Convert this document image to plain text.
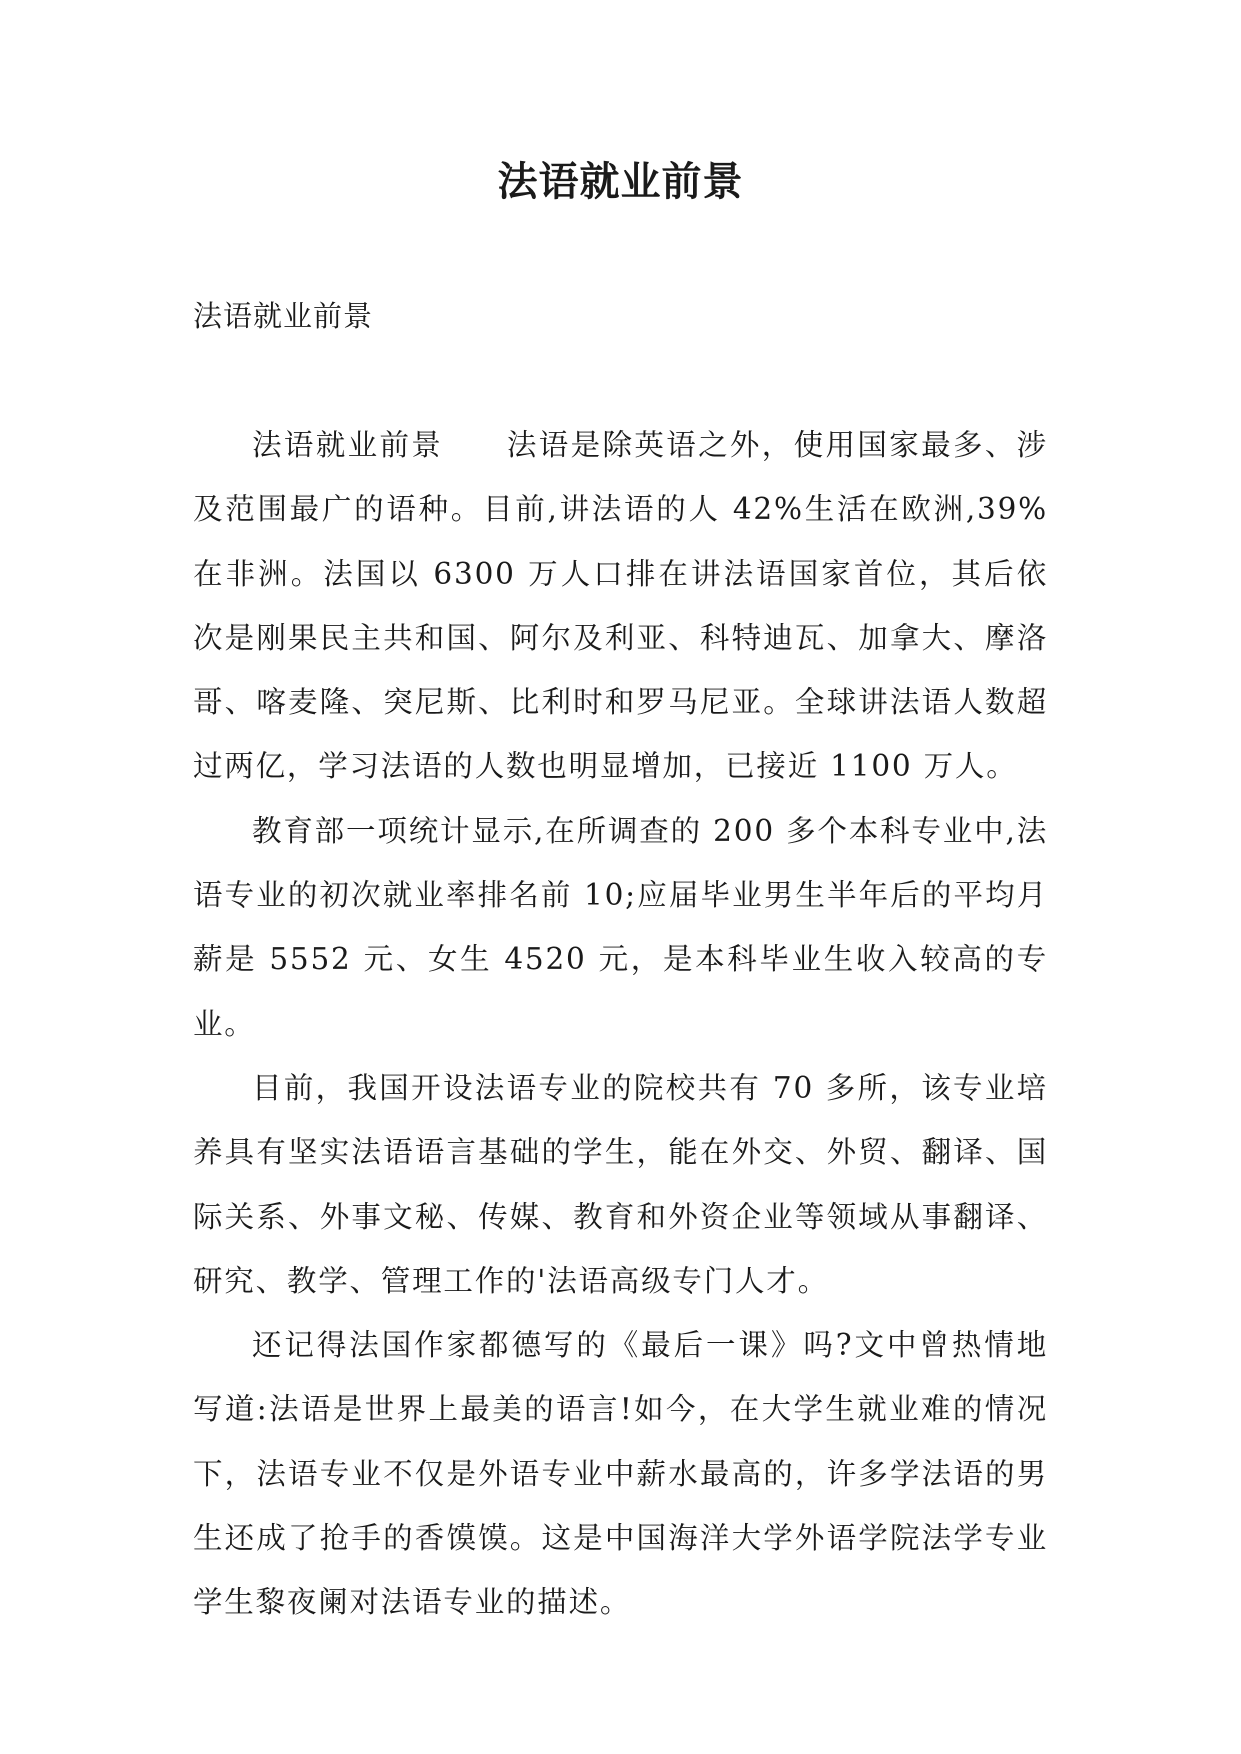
法语就业前景

法语就业前景

法语就业前景　　法语是除英语之外，使用国家最多、涉及范围最广的语种。目前,讲法语的人 42%生活在欧洲,39%在非洲。法国以 6300 万人口排在讲法语国家首位，其后依次是刚果民主共和国、阿尔及利亚、科特迪瓦、加拿大、摩洛哥、喀麦隆、突尼斯、比利时和罗马尼亚。全球讲法语人数超过两亿，学习法语的人数也明显增加，已接近 1100 万人。

教育部一项统计显示,在所调查的 200 多个本科专业中,法语专业的初次就业率排名前 10;应届毕业男生半年后的平均月薪是 5552 元、女生 4520 元，是本科毕业生收入较高的专业。

目前，我国开设法语专业的院校共有 70 多所，该专业培养具有坚实法语语言基础的学生，能在外交、外贸、翻译、国际关系、外事文秘、传媒、教育和外资企业等领域从事翻译、研究、教学、管理工作的'法语高级专门人才。

还记得法国作家都德写的《最后一课》吗?文中曾热情地写道:法语是世界上最美的语言!如今，在大学生就业难的情况下，法语专业不仅是外语专业中薪水最高的，许多学法语的男生还成了抢手的香馍馍。这是中国海洋大学外语学院法学专业学生黎夜阑对法语专业的描述。
